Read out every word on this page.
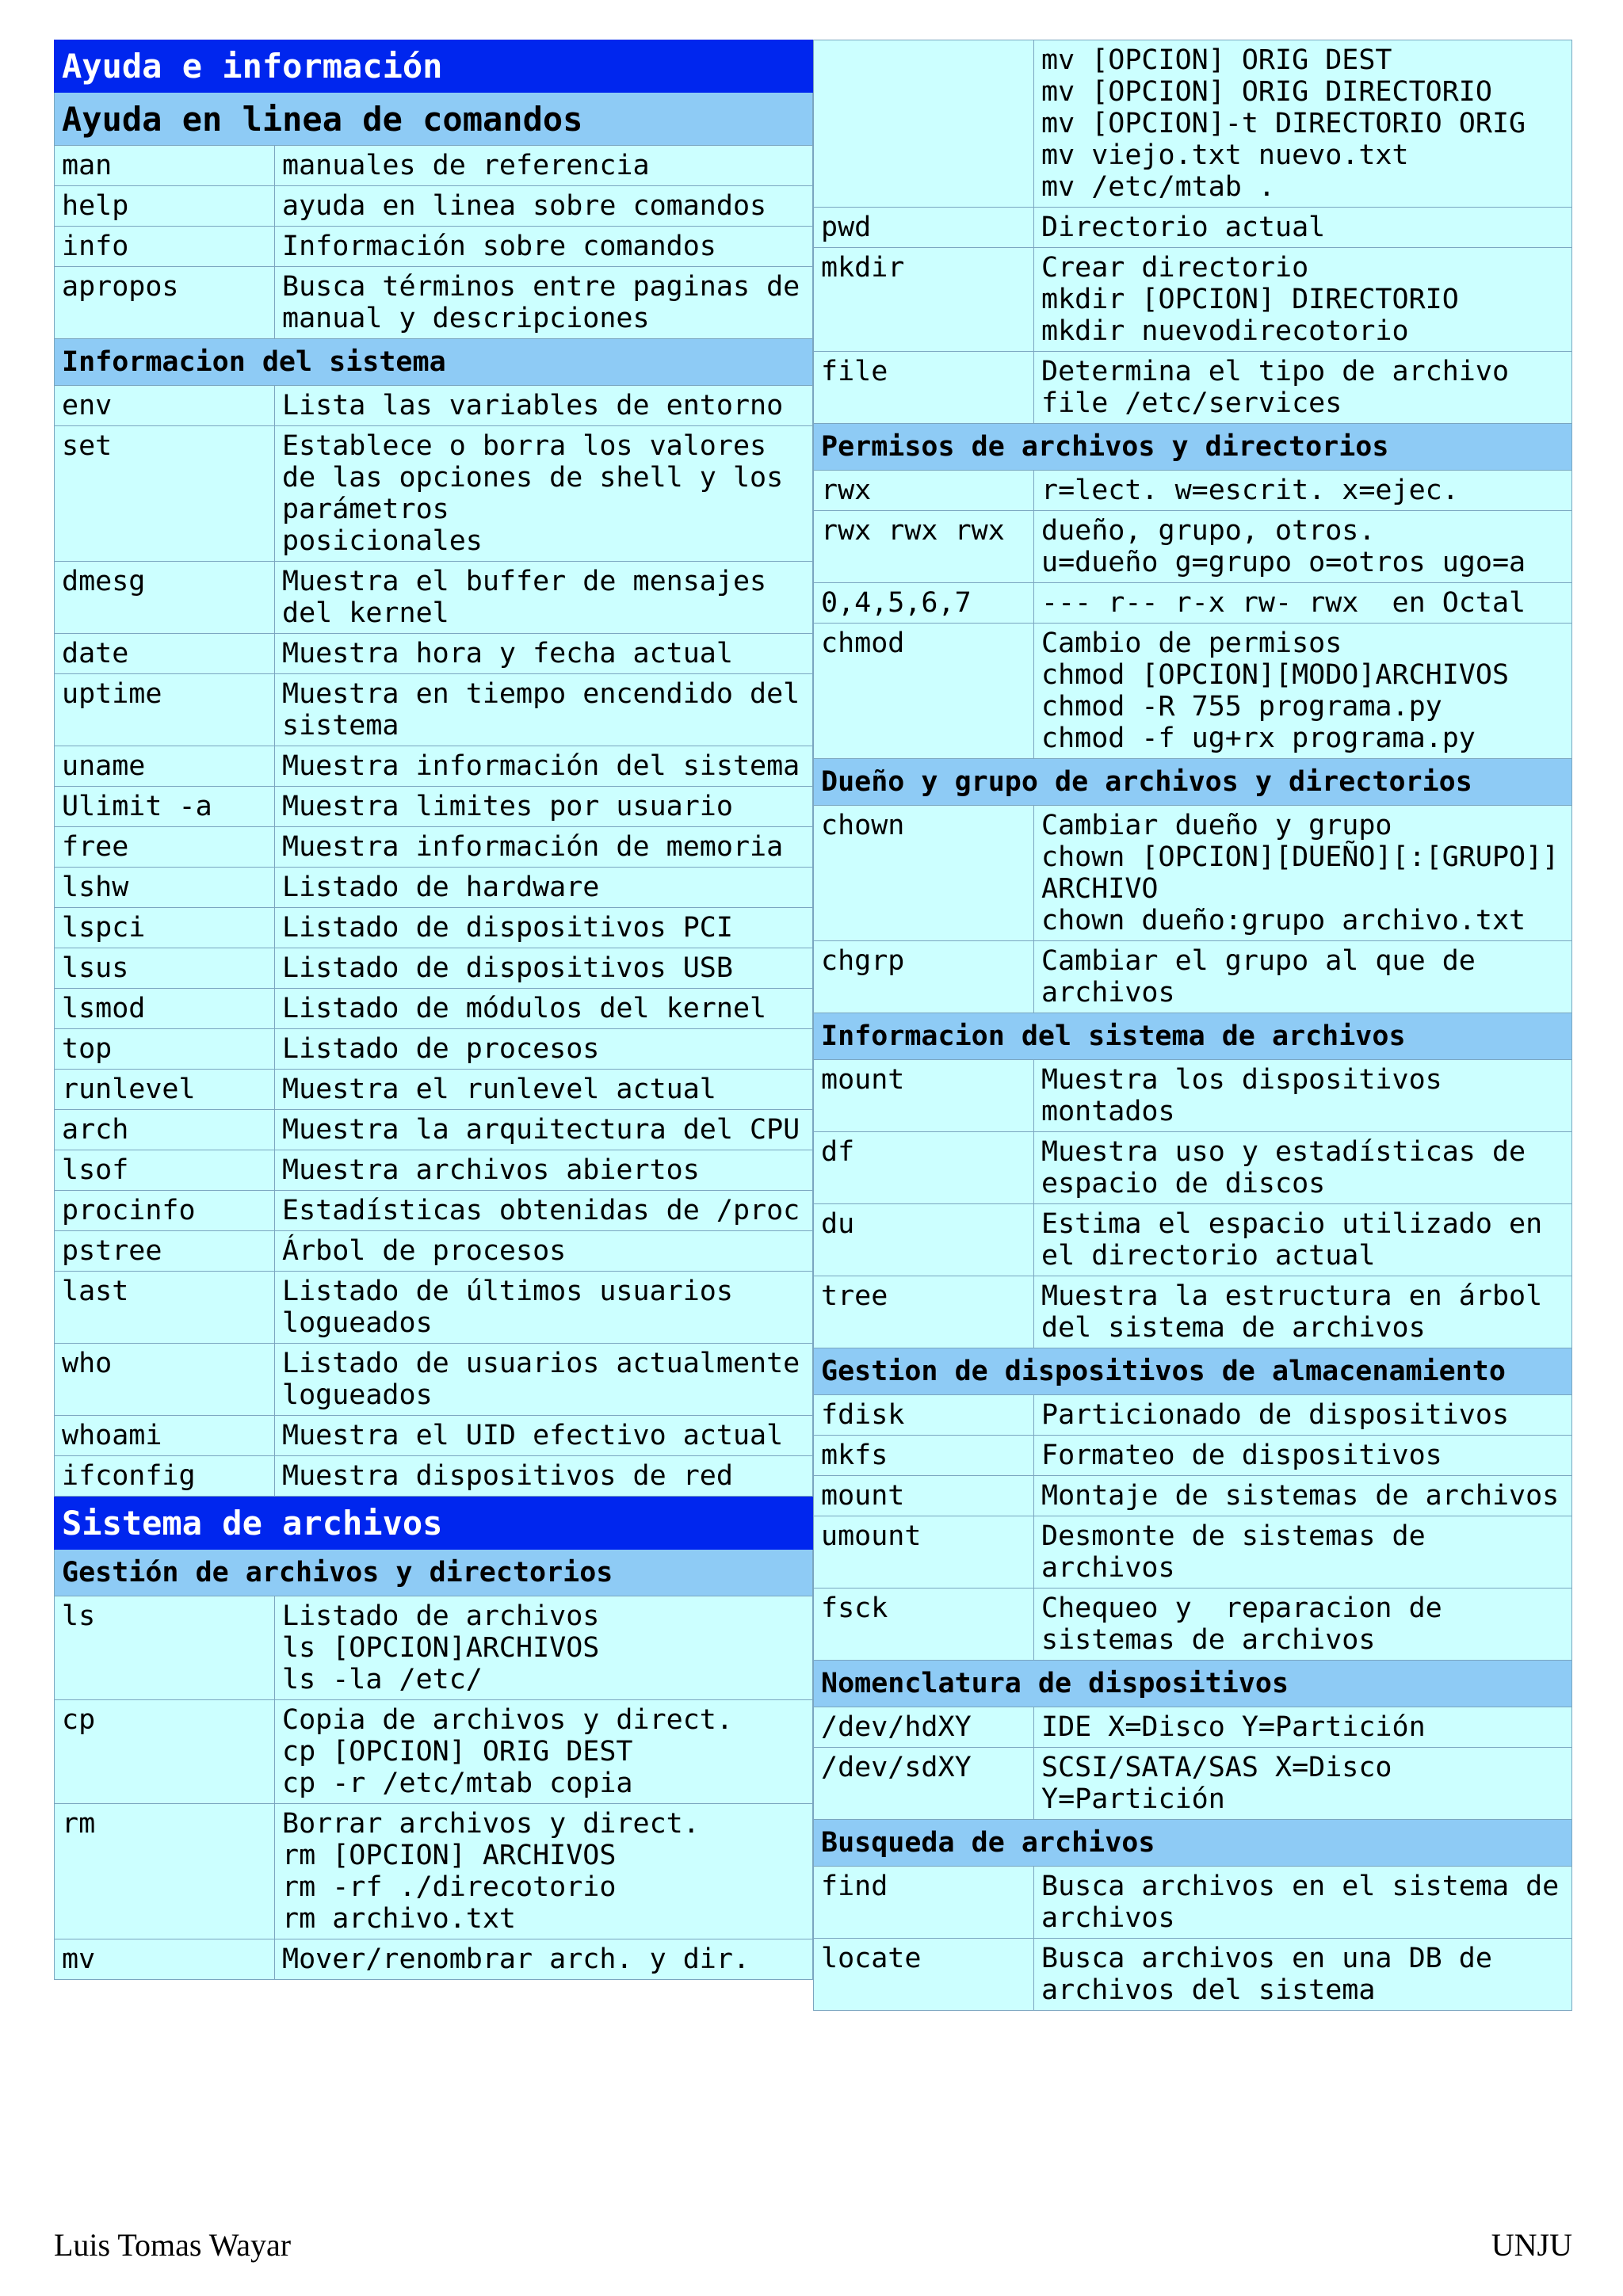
Ayuda e información
Ayuda en linea de comandos
man	manuales de referencia
help	ayuda en linea sobre comandos
info	Información sobre comandos
apropos	Busca términos entre paginas de
manual y descripciones
Informacion del sistema
env	Lista las variables de entorno
set	Establece o borra los valores
de las opciones de shell y los
parámetros
posicionales
dmesg	Muestra el buffer de mensajes
del kernel
date	Muestra hora y fecha actual
uptime	Muestra en tiempo encendido del
sistema
uname	Muestra información del sistema
Ulimit -a	Muestra limites por usuario
free	Muestra información de memoria
lshw	Listado de hardware
lspci	Listado de dispositivos PCI
lsus	Listado de dispositivos USB
lsmod	Listado de módulos del kernel
top	Listado de procesos
runlevel	Muestra el runlevel actual
arch	Muestra la arquitectura del CPU
lsof	Muestra archivos abiertos
procinfo	Estadísticas obtenidas de /proc
pstree	Árbol de procesos
last	Listado de últimos usuarios
logueados
who	Listado de usuarios actualmente
logueados
whoami	Muestra el UID efectivo actual
ifconfig	Muestra dispositivos de red
Sistema de archivos
Gestión de archivos y directorios
ls	Listado de archivos
ls [OPCION]ARCHIVOS
ls -la /etc/
cp	Copia de archivos y direct.
cp [OPCION] ORIG DEST
cp -r /etc/mtab copia
rm	Borrar archivos y direct.
rm [OPCION] ARCHIVOS
rm -rf ./direcotorio
rm archivo.txt
mv	Mover/renombrar arch. y dir.
mv [OPCION] ORIG DEST
mv [OPCION] ORIG DIRECTORIO
mv [OPCION]-t DIRECTORIO ORIG
mv viejo.txt nuevo.txt
mv /etc/mtab .
pwd	Directorio actual
mkdir	Crear directorio
mkdir [OPCION] DIRECTORIO
mkdir nuevodirecotorio
file	Determina el tipo de archivo
file /etc/services
Permisos de archivos y directorios
rwx	r=lect. w=escrit. x=ejec.
rwx rwx rwx	dueño, grupo, otros.
u=dueño g=grupo o=otros ugo=a
0,4,5,6,7	--- r-- r-x rw- rwx  en Octal
chmod	Cambio de permisos
chmod [OPCION][MODO]ARCHIVOS
chmod -R 755 programa.py
chmod -f ug+rx programa.py
Dueño y grupo de archivos y directorios
chown	Cambiar dueño y grupo
chown [OPCION][DUEÑO][:[GRUPO]]
ARCHIVO
chown dueño:grupo archivo.txt
chgrp	Cambiar el grupo al que de
archivos
Informacion del sistema de archivos
mount	Muestra los dispositivos
montados
df	Muestra uso y estadísticas de
espacio de discos
du	Estima el espacio utilizado en
el directorio actual
tree	Muestra la estructura en árbol
del sistema de archivos
Gestion de dispositivos de almacenamiento
fdisk	Particionado de dispositivos
mkfs	Formateo de dispositivos
mount	Montaje de sistemas de archivos
umount	Desmonte de sistemas de
archivos
fsck	Chequeo y  reparacion de
sistemas de archivos
Nomenclatura de dispositivos
/dev/hdXY	IDE X=Disco Y=Partición
/dev/sdXY	SCSI/SATA/SAS X=Disco
Y=Partición
Busqueda de archivos
find	Busca archivos en el sistema de
archivos
locate	Busca archivos en una DB de
archivos del sistema
Luis Tomas Wayar	UNJU
